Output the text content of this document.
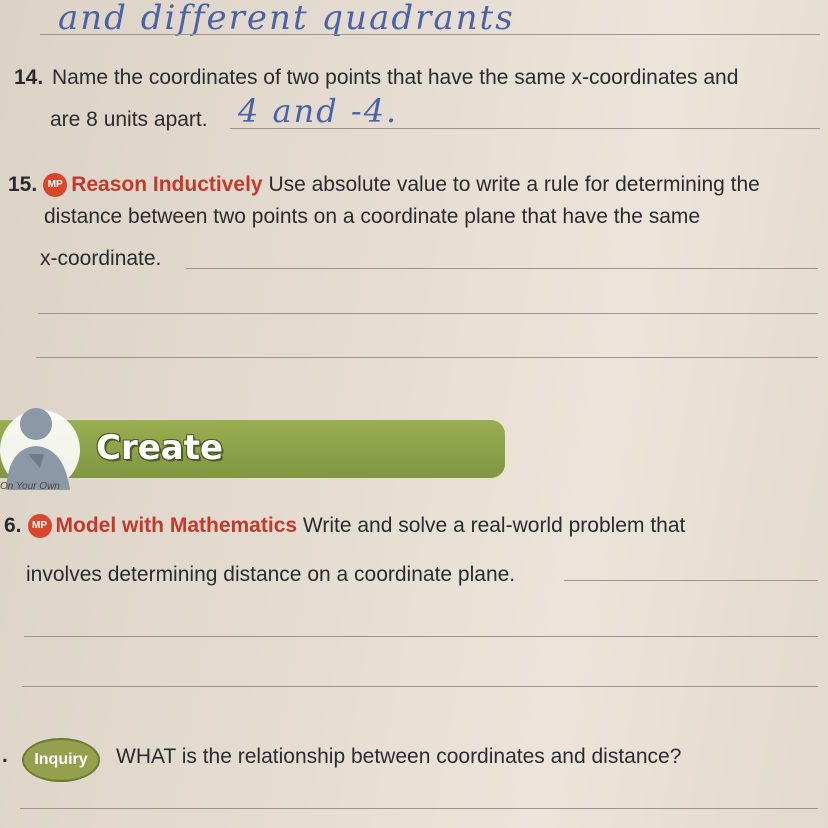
and different quadrants
14. Name the coordinates of two points that have the same x-coordinates and
are 8 units apart. 4 and -4.
15. MP Reason Inductively Use absolute value to write a rule for determining the
distance between two points on a coordinate plane that have the same
x-coordinate.
Create
On Your Own
6. MP Model with Mathematics Write and solve a real-world problem that
involves determining distance on a coordinate plane.
.	Inquiry	WHAT is the relationship between coordinates and distance?
